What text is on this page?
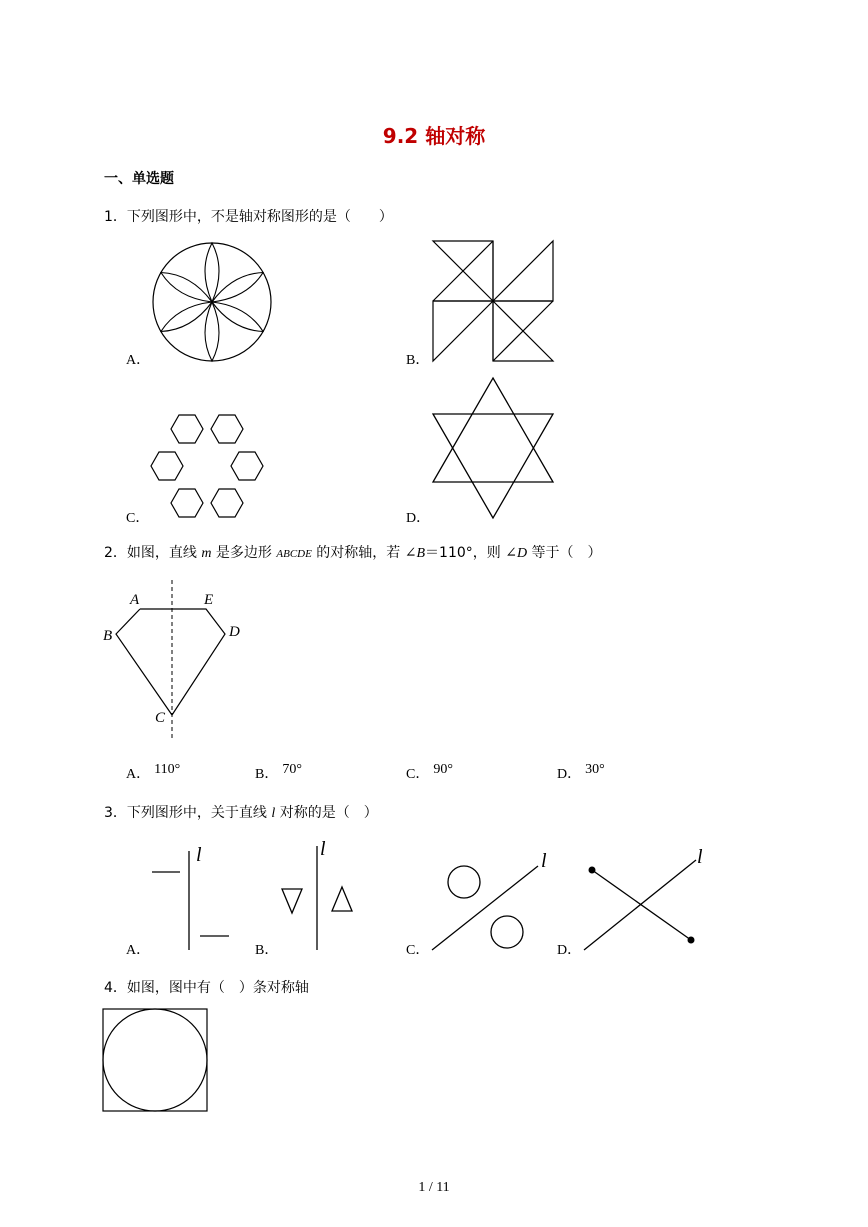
9.2 轴对称
一、单选题
1．下列图形中，不是轴对称图形的是（　　）
A．	B．
C．	D．
2．如图，直线 m 是多边形 ABCDE 的对称轴，若 ∠B＝110°，则 ∠D 等于（　）
A	E
B	D
C
A． 110°	B． 70°	C． 90°	D． 30°
3．下列图形中，关于直线 l 对称的是（　）
l
A．
l
B．
l
C．
l
D．
4．如图，图中有（　）条对称轴
1 / 11
